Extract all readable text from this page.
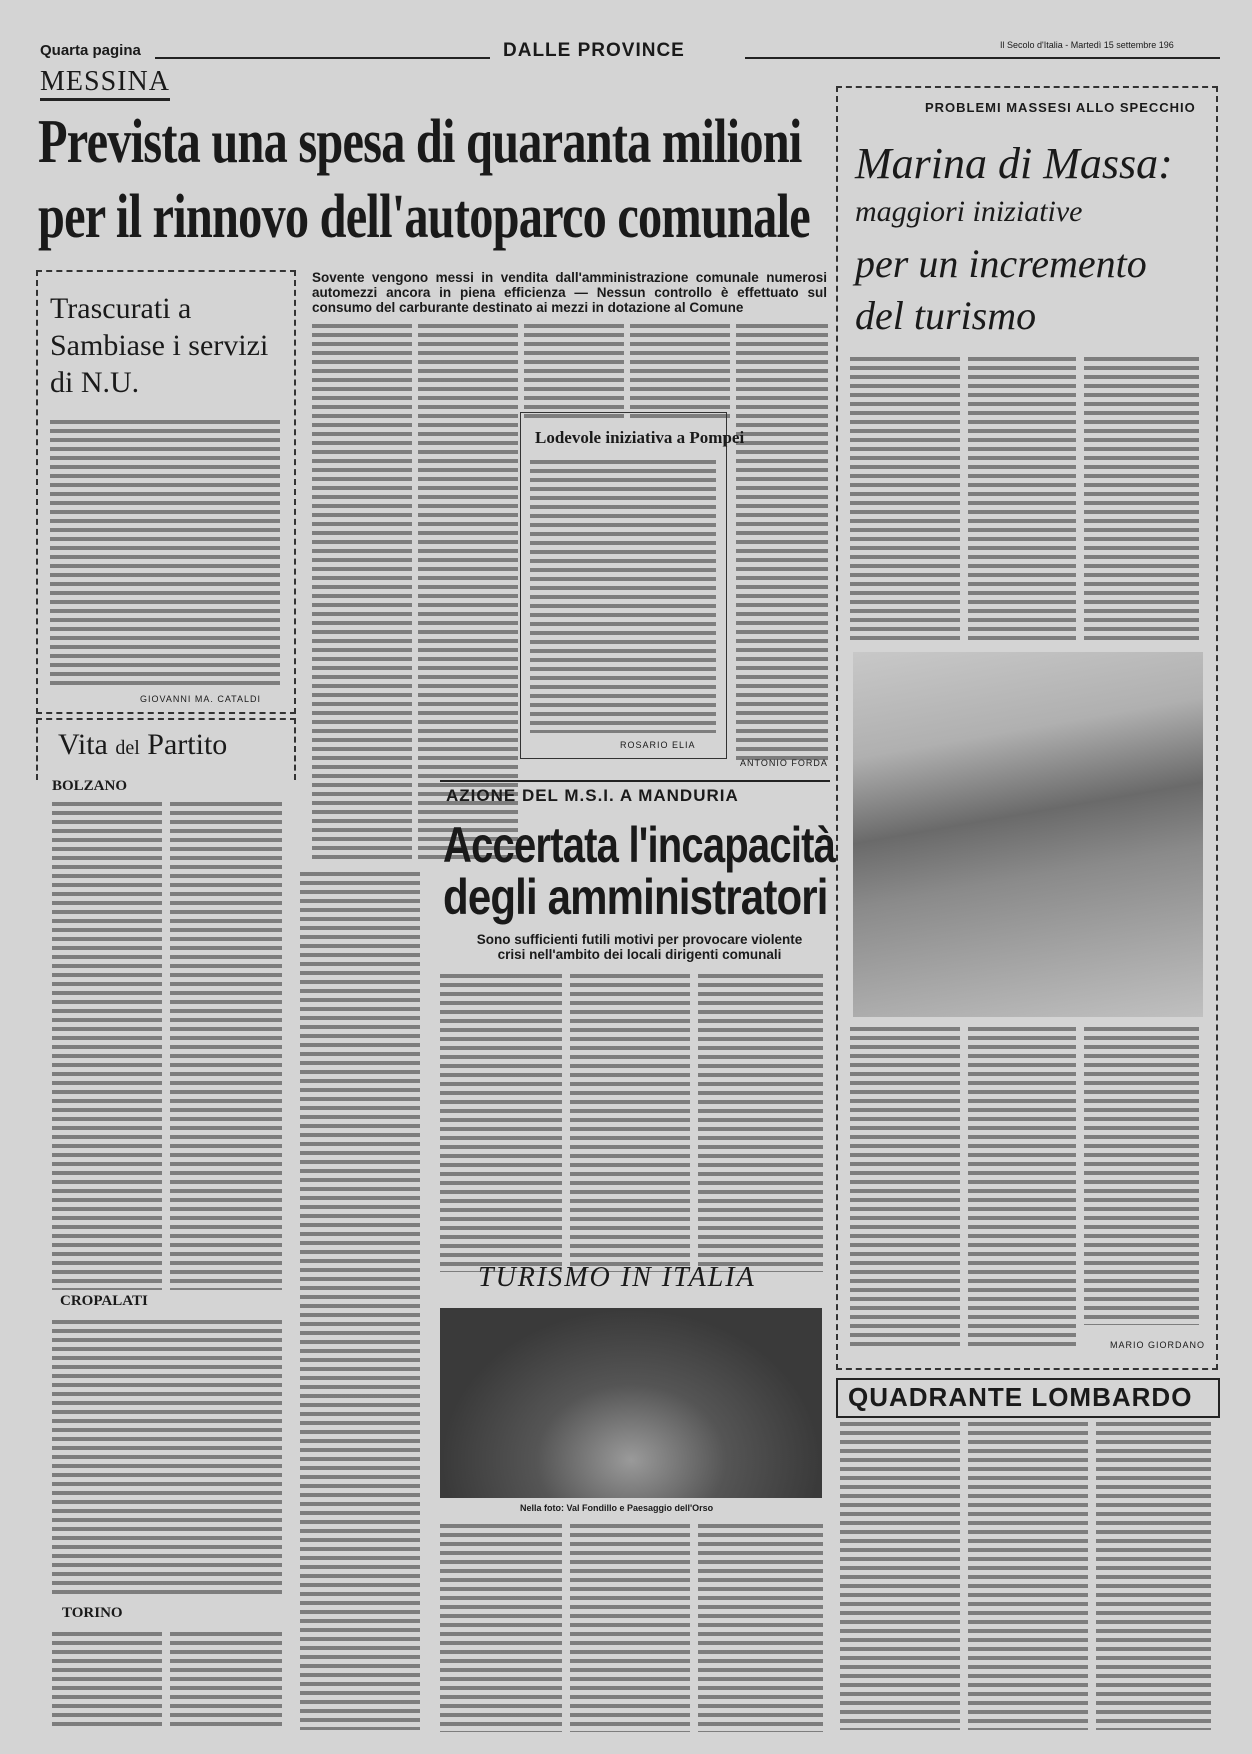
Quarta pagina	DALLE PROVINCE	Il Secolo d'Italia - Martedì 15 settembre 196
MESSINA
Prevista una spesa di quaranta milioni
per il rinnovo dell'autoparco comunale
Sovente vengono messi in vendita dall'amministrazione comunale numerosi automezzi ancora in piena efficienza — Nessun controllo è effettuato sul consumo del carburante destinato ai mezzi in dotazione al Comune
Trascurati a Sambiase i servizi di N.U.
GIOVANNI MA. CATALDI
Vita del Partito
BOLZANO
CROPALATI
TORINO
Lodevole iniziativa a Pompei
ROSARIO ELIA
AZIONE DEL M.S.I. A MANDURIA
Accertata l'incapacità
degli amministratori
Sono sufficienti futili motivi per provocare violente crisi nell'ambito dei locali dirigenti comunali
TURISMO IN ITALIA
Nella foto: Val Fondillo e Paesaggio dell'Orso
PROBLEMI MASSESI ALLO SPECCHIO
Marina di Massa:
maggiori iniziative
per un incremento
del turismo
ANTONIO FORDA
MARIO GIORDANO
QUADRANTE LOMBARDO
